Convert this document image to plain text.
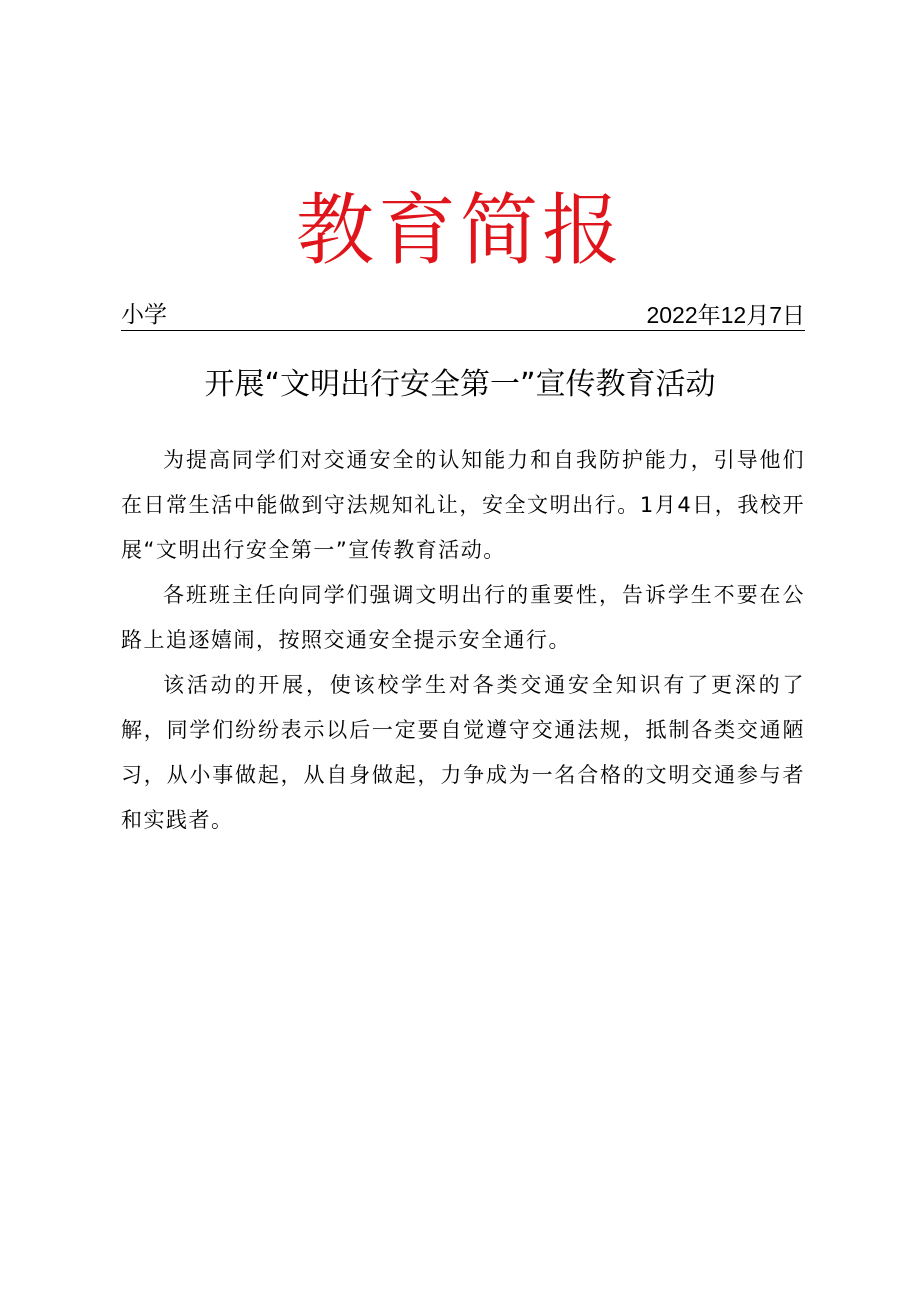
教育简报
小学	2022年12月7日
开展“文明出行安全第一”宣传教育活动

为提高同学们对交通安全的认知能力和自我防护能力，引导他们在日常生活中能做到守法规知礼让，安全文明出行。1月4日，我校开展“文明出行安全第一”宣传教育活动。

各班班主任向同学们强调文明出行的重要性，告诉学生不要在公路上追逐嬉闹，按照交通安全提示安全通行。

该活动的开展，使该校学生对各类交通安全知识有了更深的了解，同学们纷纷表示以后一定要自觉遵守交通法规，抵制各类交通陋习，从小事做起，从自身做起，力争成为一名合格的文明交通参与者和实践者。
